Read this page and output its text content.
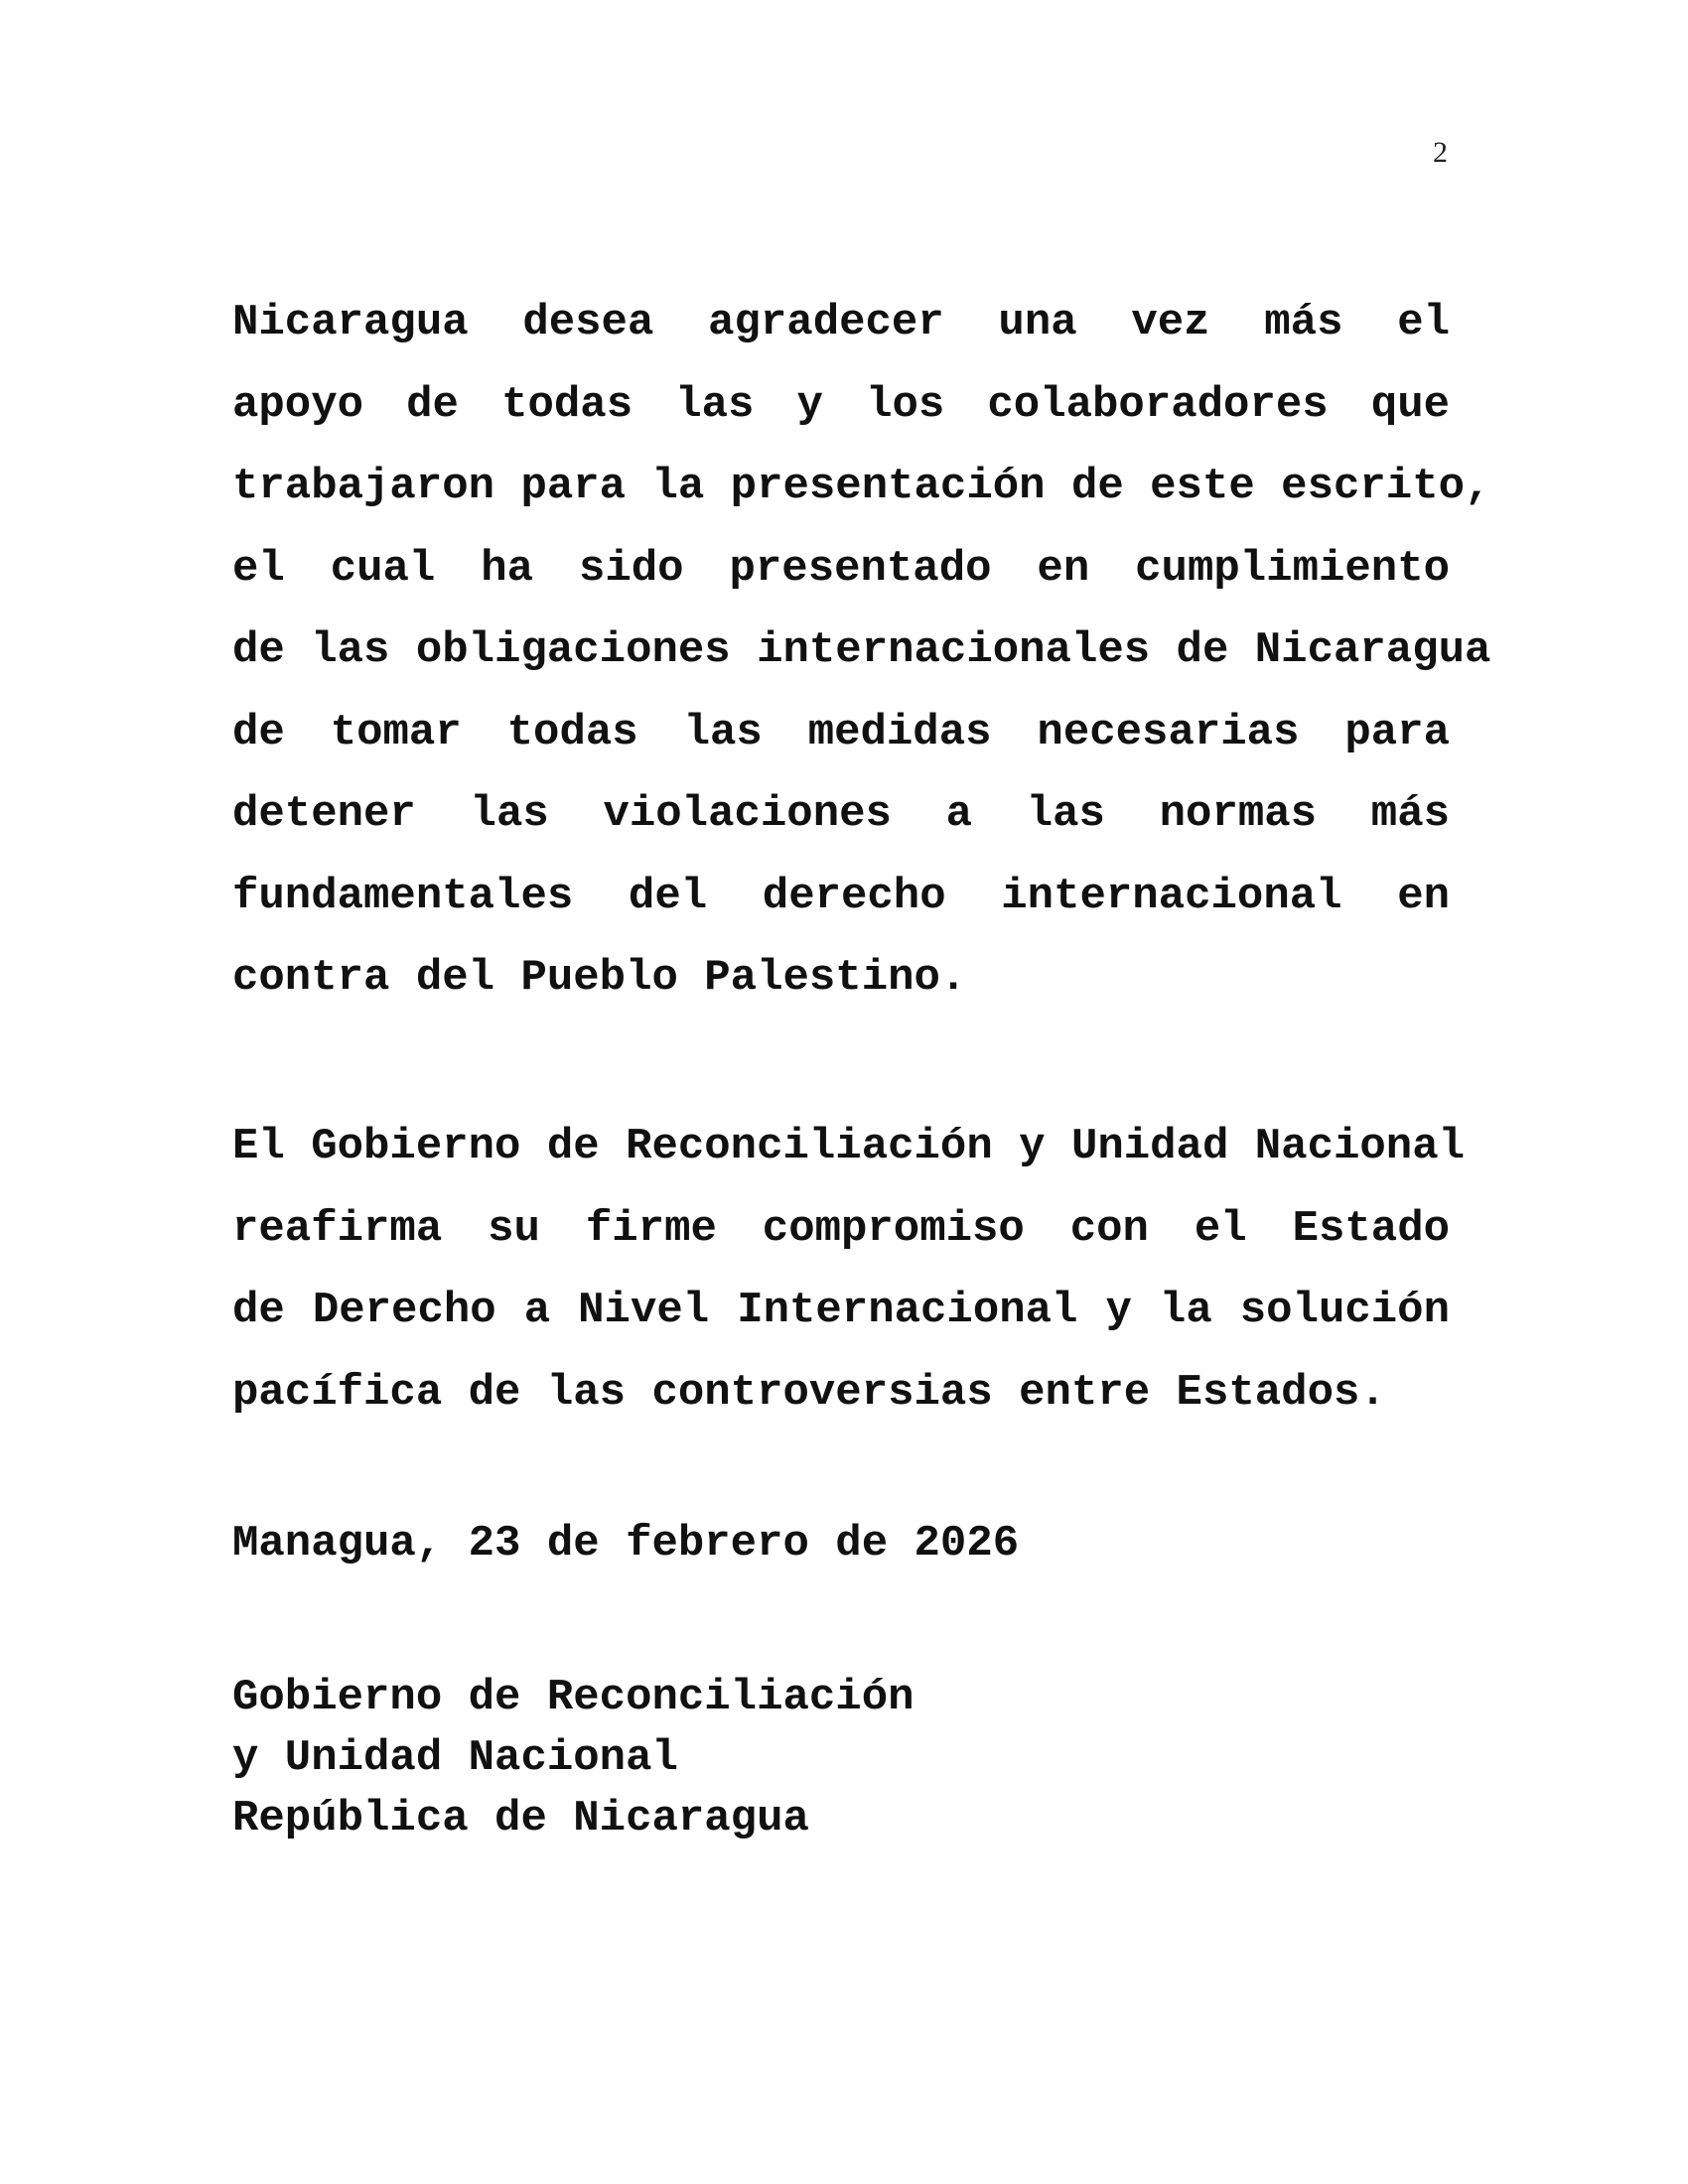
2

Nicaragua desea agradecer una vez más el
apoyo de todas las y los colaboradores que
trabajaron para la presentación de este escrito,
el cual ha sido presentado en cumplimiento
de las obligaciones internacionales de Nicaragua
de tomar todas las medidas necesarias para
detener las violaciones a las normas más
fundamentales del derecho internacional en
contra del Pueblo Palestino.

El Gobierno de Reconciliación y Unidad Nacional
reafirma su firme compromiso con el Estado
de Derecho a Nivel Internacional y la solución
pacífica de las controversias entre Estados.

Managua, 23 de febrero de 2026

Gobierno de Reconciliación
y Unidad Nacional
República de Nicaragua
